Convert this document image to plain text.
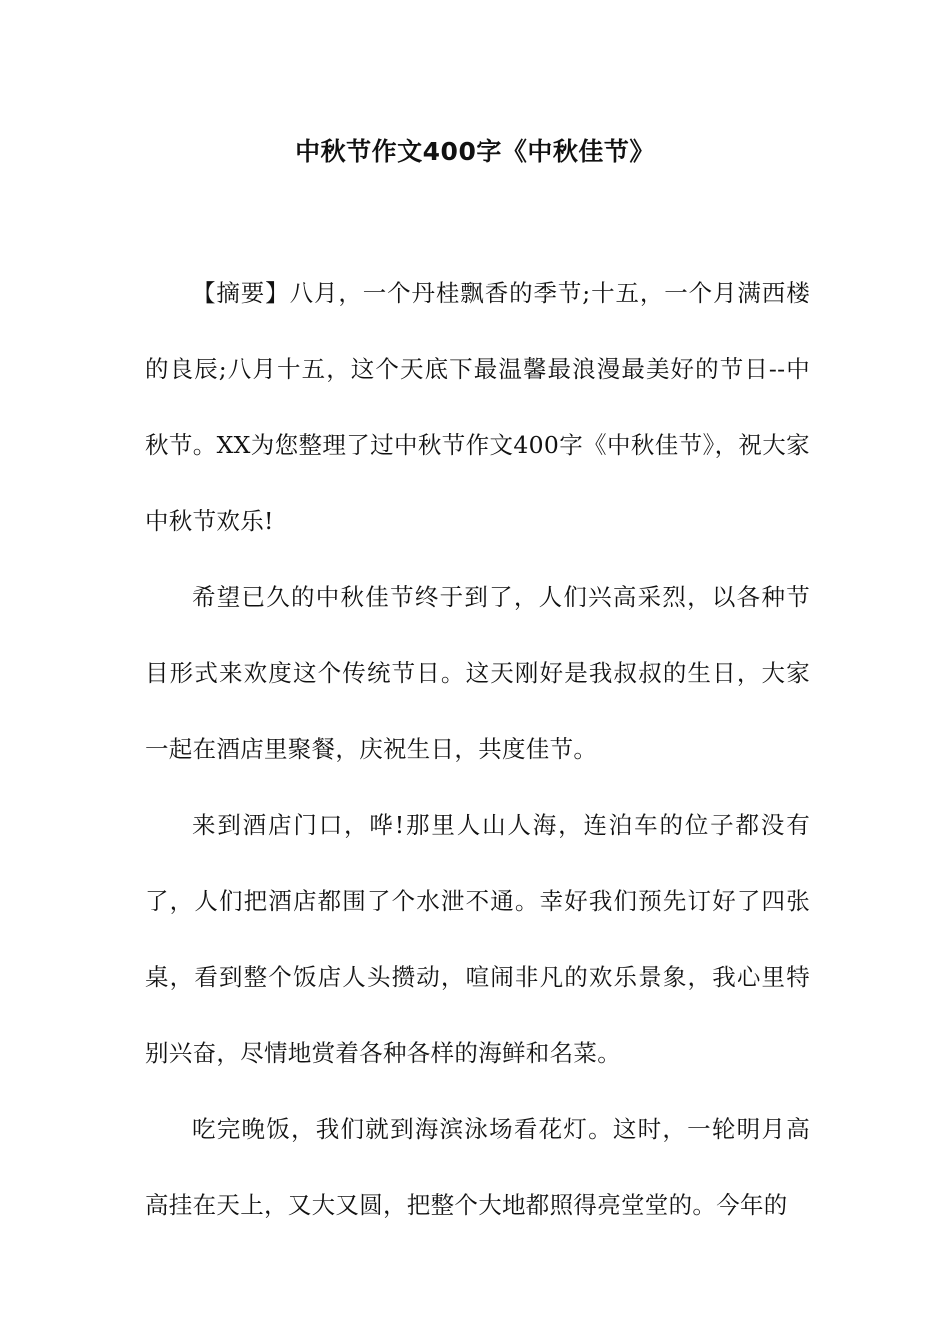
中秋节作文400字《中秋佳节》

【摘要】八月，一个丹桂飘香的季节;十五，一个月满西楼的良辰;八月十五，这个天底下最温馨最浪漫最美好的节日--中秋节。XX为您整理了过中秋节作文400字《中秋佳节》，祝大家中秋节欢乐!

希望已久的中秋佳节终于到了，人们兴高采烈，以各种节目形式来欢度这个传统节日。这天刚好是我叔叔的生日，大家一起在酒店里聚餐，庆祝生日，共度佳节。

来到酒店门口，哗!那里人山人海，连泊车的位子都没有了，人们把酒店都围了个水泄不通。幸好我们预先订好了四张桌，看到整个饭店人头攒动，喧闹非凡的欢乐景象，我心里特别兴奋，尽情地赏着各种各样的海鲜和名菜。

吃完晚饭，我们就到海滨泳场看花灯。这时，一轮明月高高挂在天上，又大又圆，把整个大地都照得亮堂堂的。今年的
